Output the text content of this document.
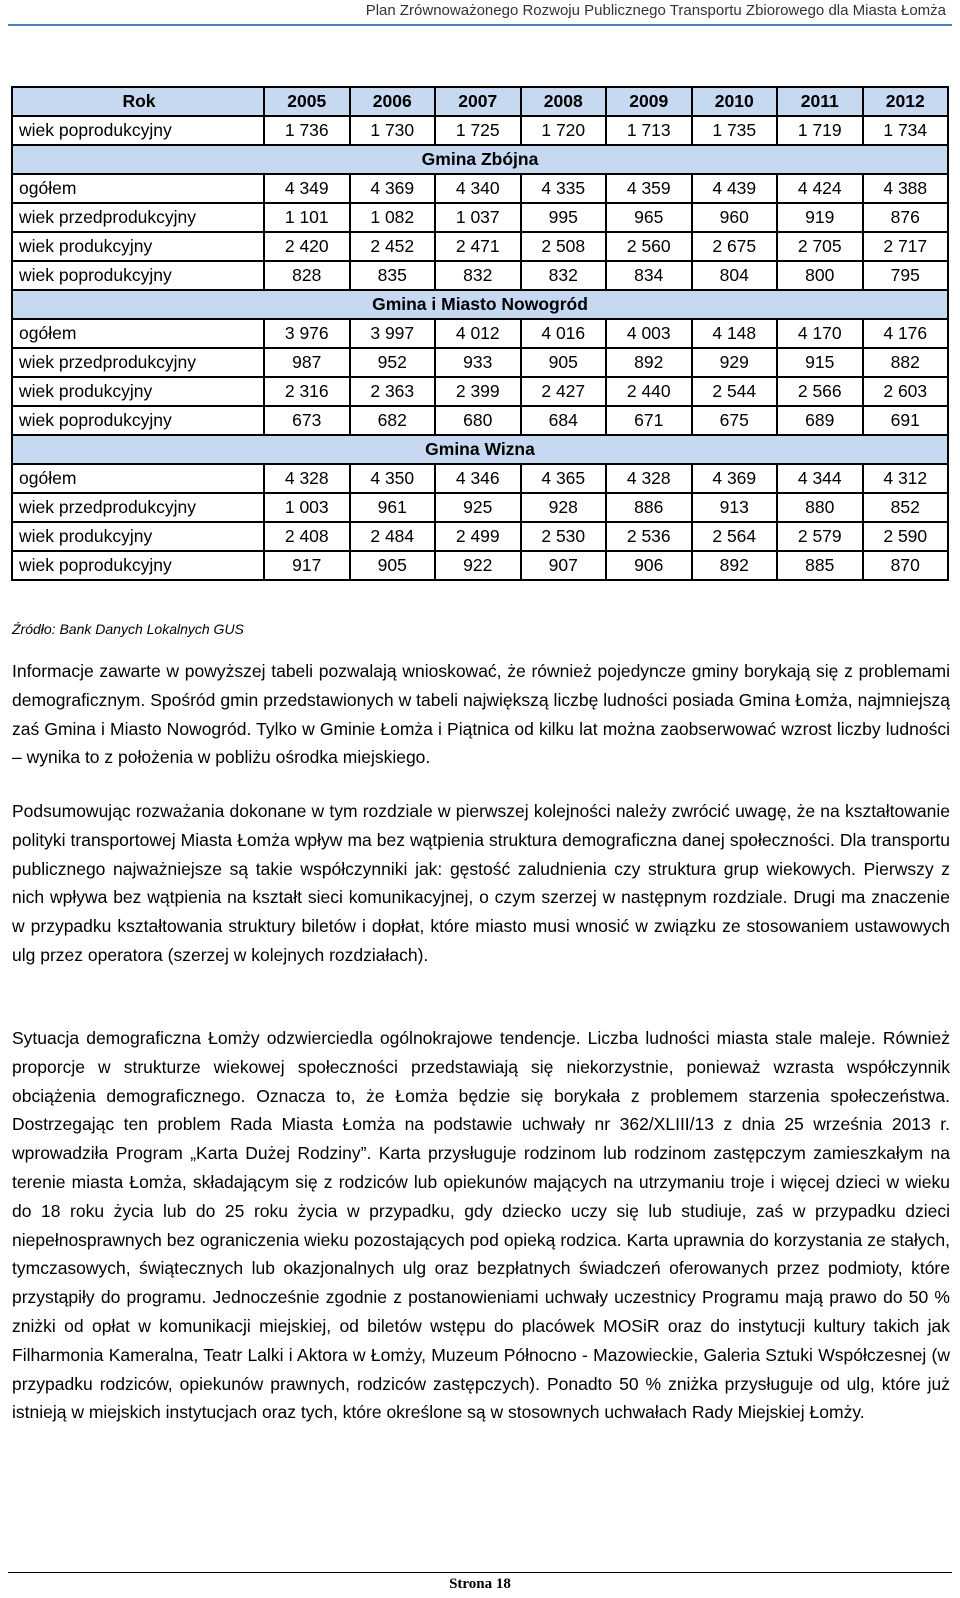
Plan Zrównoważonego Rozwoju Publicznego Transportu Zbiorowego dla Miasta Łomża
Rok	2005	2006	2007	2008	2009	2010	2011	2012
wiek poprodukcyjny	1 736	1 730	1 725	1 720	1 713	1 735	1 719	1 734
Gmina Zbójna								
ogółem	4 349	4 369	4 340	4 335	4 359	4 439	4 424	4 388
wiek przedprodukcyjny	1 101	1 082	1 037	995	965	960	919	876
wiek produkcyjny	2 420	2 452	2 471	2 508	2 560	2 675	2 705	2 717
wiek poprodukcyjny	828	835	832	832	834	804	800	795
Gmina i Miasto Nowogród								
ogółem	3 976	3 997	4 012	4 016	4 003	4 148	4 170	4 176
wiek przedprodukcyjny	987	952	933	905	892	929	915	882
wiek produkcyjny	2 316	2 363	2 399	2 427	2 440	2 544	2 566	2 603
wiek poprodukcyjny	673	682	680	684	671	675	689	691
Gmina Wizna								
ogółem	4 328	4 350	4 346	4 365	4 328	4 369	4 344	4 312
wiek przedprodukcyjny	1 003	961	925	928	886	913	880	852
wiek produkcyjny	2 408	2 484	2 499	2 530	2 536	2 564	2 579	2 590
wiek poprodukcyjny	917	905	922	907	906	892	885	870
Źródło: Bank Danych Lokalnych GUS

Informacje zawarte w powyższej tabeli pozwalają wnioskować, że również pojedyncze gminy borykają się z problemami demograficznym. Spośród gmin przedstawionych w tabeli największą liczbę ludności posiada Gmina Łomża, najmniejszą zaś Gmina i Miasto Nowogród. Tylko w Gminie Łomża i Piątnica od kilku lat można zaobserwować wzrost liczby ludności – wynika to z położenia w pobliżu ośrodka miejskiego.

Podsumowując rozważania dokonane w tym rozdziale w pierwszej kolejności należy zwrócić uwagę, że na kształtowanie polityki transportowej Miasta Łomża wpływ ma bez wątpienia struktura demograficzna danej społeczności. Dla transportu publicznego najważniejsze są takie współczynniki jak: gęstość zaludnienia czy struktura grup wiekowych. Pierwszy z nich wpływa bez wątpienia na kształt sieci komunikacyjnej, o czym szerzej w następnym rozdziale. Drugi ma znaczenie w przypadku kształtowania struktury biletów i dopłat, które miasto musi wnosić w związku ze stosowaniem ustawowych ulg przez operatora (szerzej w kolejnych rozdziałach).

Sytuacja demograficzna Łomży odzwierciedla ogólnokrajowe tendencje. Liczba ludności miasta stale maleje. Również proporcje w strukturze wiekowej społeczności przedstawiają się niekorzystnie, ponieważ wzrasta współczynnik obciążenia demograficznego. Oznacza to, że Łomża będzie się borykała z problemem starzenia społeczeństwa. Dostrzegając ten problem Rada Miasta Łomża na podstawie uchwały nr 362/XLIII/13 z dnia 25 września 2013 r. wprowadziła Program „Karta Dużej Rodziny”. Karta przysługuje rodzinom lub rodzinom zastępczym zamieszkałym na terenie miasta Łomża, składającym się z rodziców lub opiekunów mających na utrzymaniu troje i więcej dzieci w wieku do 18 roku życia lub do 25 roku życia w przypadku, gdy dziecko uczy się lub studiuje, zaś w przypadku dzieci niepełnosprawnych bez ograniczenia wieku pozostających pod opieką rodzica. Karta uprawnia do korzystania ze stałych, tymczasowych, świątecznych lub okazjonalnych ulg oraz bezpłatnych świadczeń oferowanych przez podmioty, które przystąpiły do programu. Jednocześnie zgodnie z postanowieniami uchwały uczestnicy Programu mają prawo do 50 % zniżki od opłat w komunikacji miejskiej, od biletów wstępu do placówek MOSiR oraz do instytucji kultury takich jak Filharmonia Kameralna, Teatr Lalki i Aktora w Łomży, Muzeum Północno - Mazowieckie, Galeria Sztuki Współczesnej (w przypadku rodziców, opiekunów prawnych, rodziców zastępczych). Ponadto 50 % zniżka przysługuje od ulg, które już istnieją w miejskich instytucjach oraz tych, które określone są w stosownych uchwałach Rady Miejskiej Łomży.

Strona 18
